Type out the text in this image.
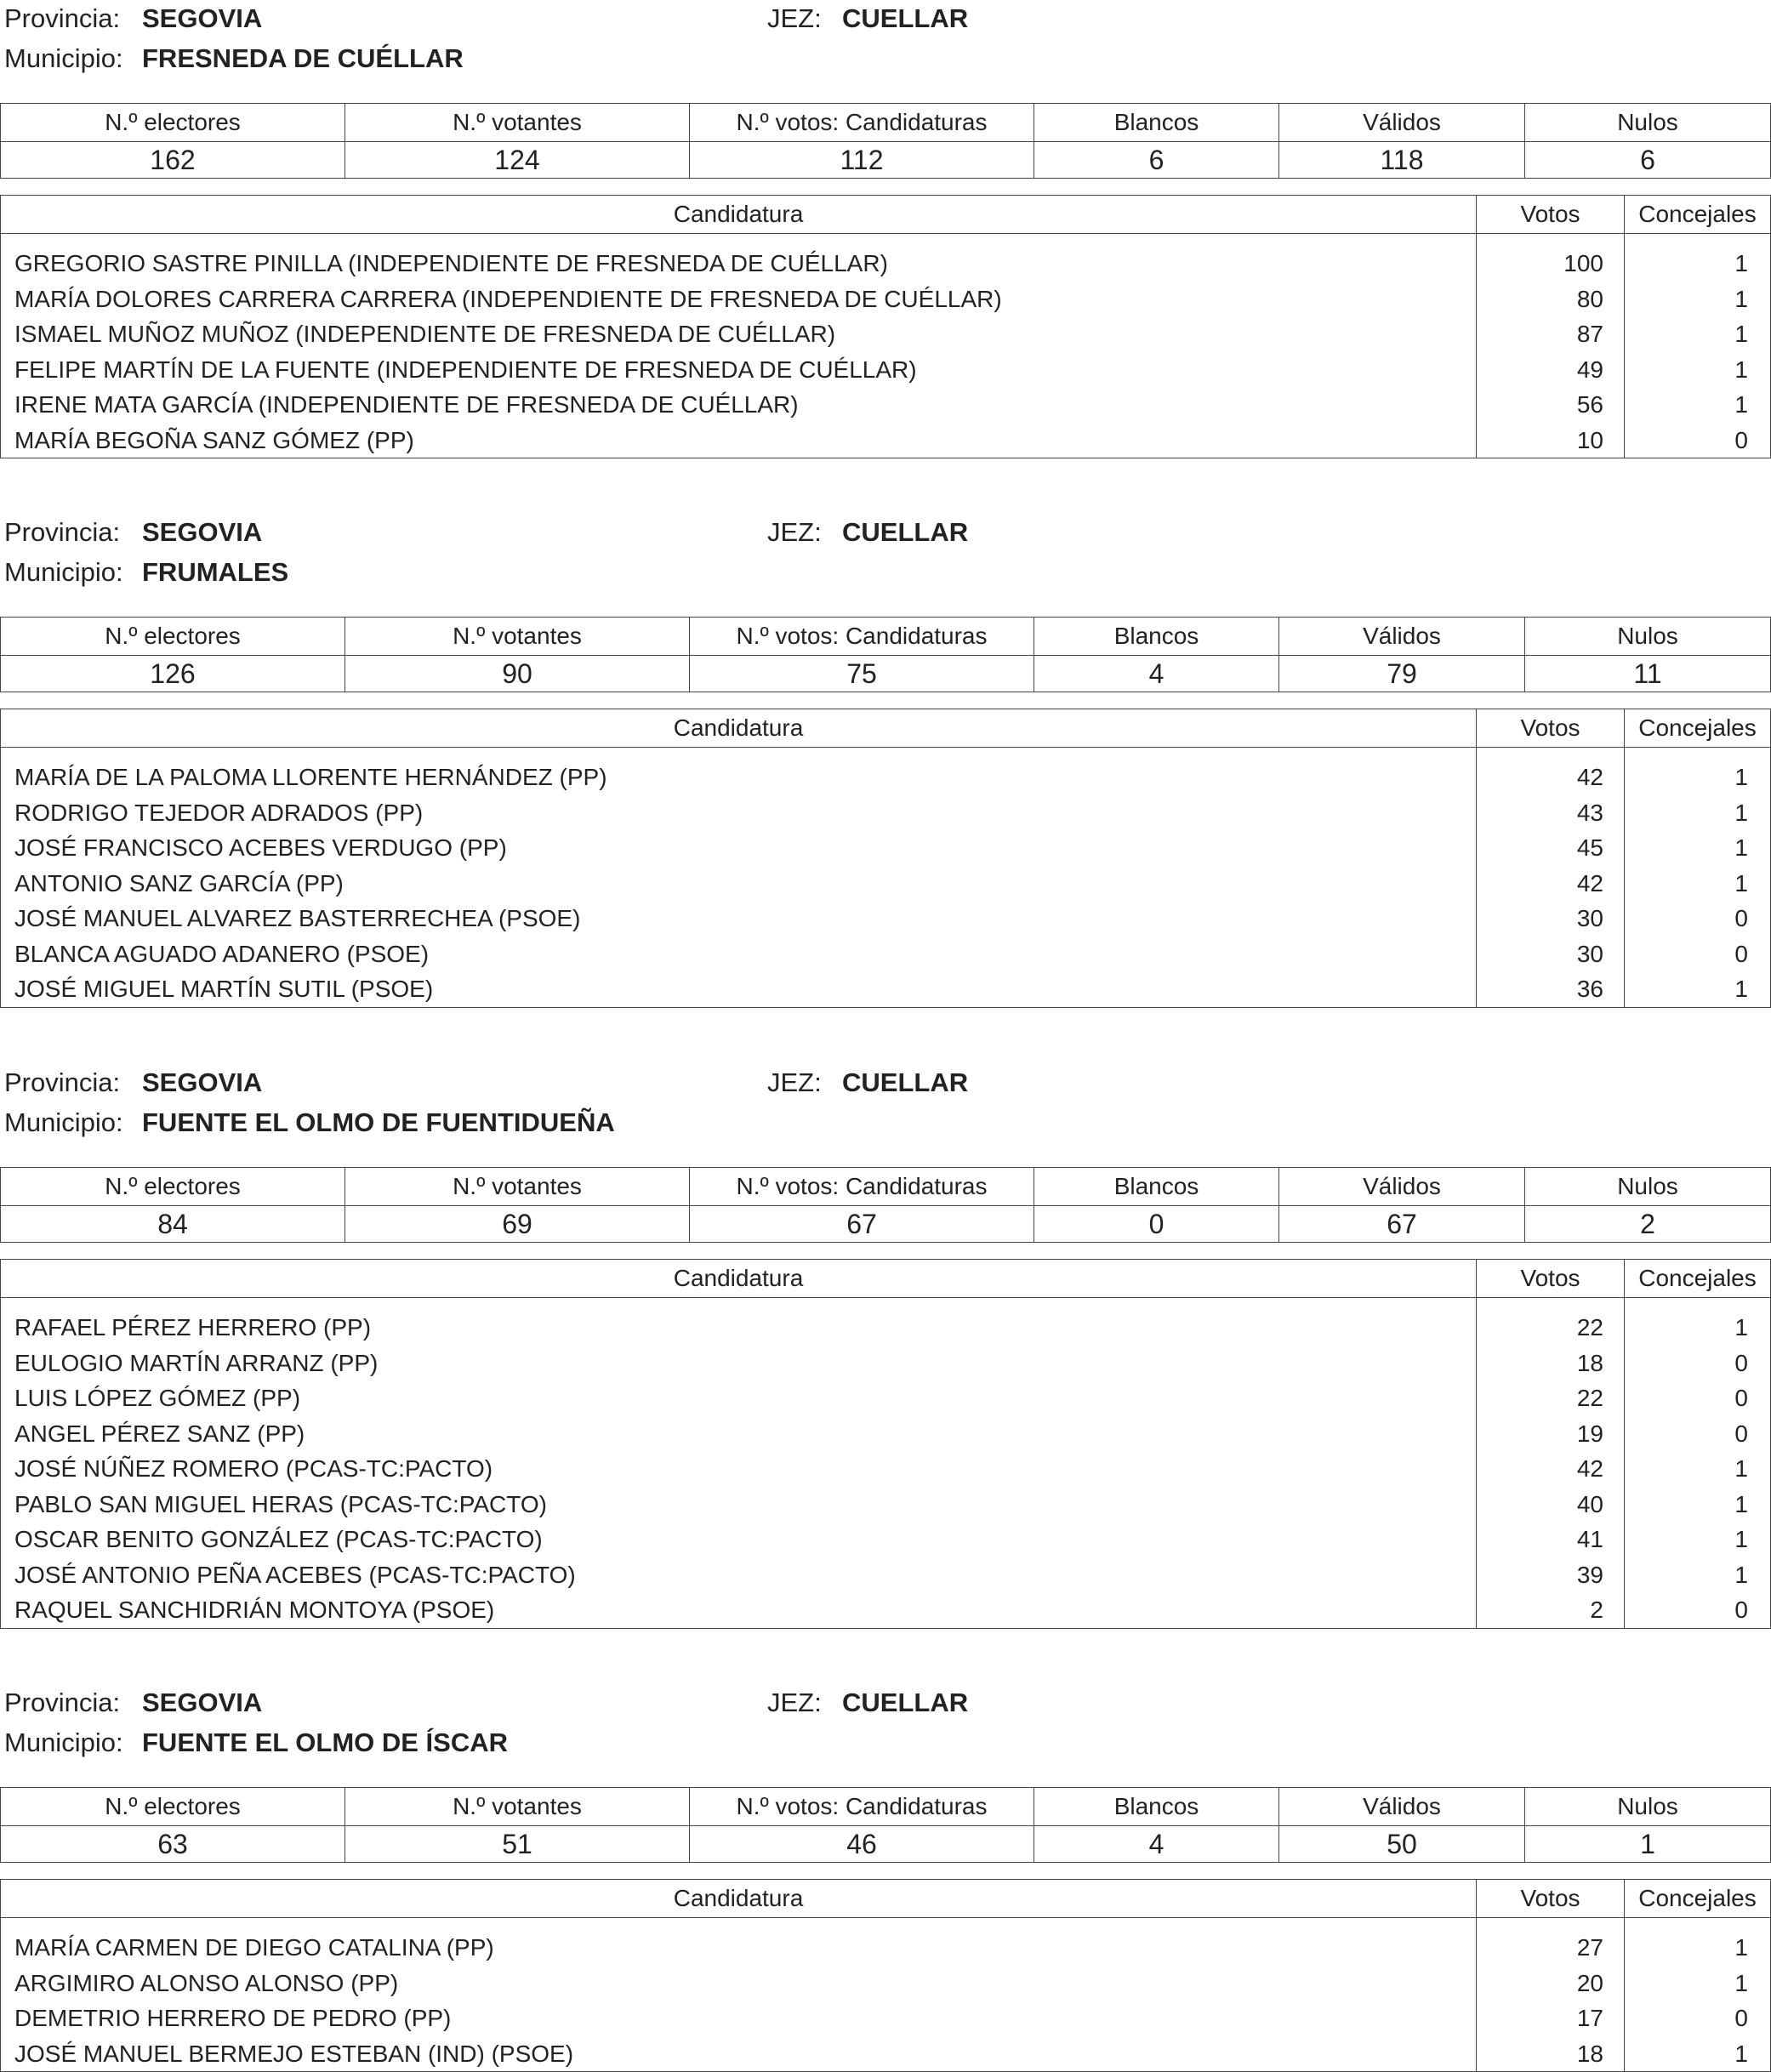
Provincia: SEGOVIA	JEZ: CUELLAR
Municipio: FRESNEDA DE CUÉLLAR
N.º electores	N.º votantes	N.º votos: Candidaturas	Blancos	Válidos	Nulos
162	124	112	6	118	6
Candidatura	Votos	Concejales
GREGORIO SASTRE PINILLA (INDEPENDIENTE DE FRESNEDA DE CUÉLLAR)	100	1
MARÍA DOLORES CARRERA CARRERA (INDEPENDIENTE DE FRESNEDA DE CUÉLLAR)	80	1
ISMAEL MUÑOZ MUÑOZ (INDEPENDIENTE DE FRESNEDA DE CUÉLLAR)	87	1
FELIPE MARTÍN DE LA FUENTE (INDEPENDIENTE DE FRESNEDA DE CUÉLLAR)	49	1
IRENE MATA GARCÍA (INDEPENDIENTE DE FRESNEDA DE CUÉLLAR)	56	1
MARÍA BEGOÑA SANZ GÓMEZ (PP)	10	0
Provincia: SEGOVIA	JEZ: CUELLAR
Municipio: FRUMALES
N.º electores	N.º votantes	N.º votos: Candidaturas	Blancos	Válidos	Nulos
126	90	75	4	79	11
Candidatura	Votos	Concejales
MARÍA DE LA PALOMA LLORENTE HERNÁNDEZ (PP)	42	1
RODRIGO TEJEDOR ADRADOS (PP)	43	1
JOSÉ FRANCISCO ACEBES VERDUGO (PP)	45	1
ANTONIO SANZ GARCÍA (PP)	42	1
JOSÉ MANUEL ALVAREZ BASTERRECHEA (PSOE)	30	0
BLANCA AGUADO ADANERO (PSOE)	30	0
JOSÉ MIGUEL MARTÍN SUTIL (PSOE)	36	1
Provincia: SEGOVIA	JEZ: CUELLAR
Municipio: FUENTE EL OLMO DE FUENTIDUEÑA
N.º electores	N.º votantes	N.º votos: Candidaturas	Blancos	Válidos	Nulos
84	69	67	0	67	2
Candidatura	Votos	Concejales
RAFAEL PÉREZ HERRERO (PP)	22	1
EULOGIO MARTÍN ARRANZ (PP)	18	0
LUIS LÓPEZ GÓMEZ (PP)	22	0
ANGEL PÉREZ SANZ (PP)	19	0
JOSÉ NÚÑEZ ROMERO (PCAS-TC:PACTO)	42	1
PABLO SAN MIGUEL HERAS (PCAS-TC:PACTO)	40	1
OSCAR BENITO GONZÁLEZ (PCAS-TC:PACTO)	41	1
JOSÉ ANTONIO PEÑA ACEBES (PCAS-TC:PACTO)	39	1
RAQUEL SANCHIDRIÁN MONTOYA (PSOE)	2	0
Provincia: SEGOVIA	JEZ: CUELLAR
Municipio: FUENTE EL OLMO DE ÍSCAR
N.º electores	N.º votantes	N.º votos: Candidaturas	Blancos	Válidos	Nulos
63	51	46	4	50	1
Candidatura	Votos	Concejales
MARÍA CARMEN DE DIEGO CATALINA (PP)	27	1
ARGIMIRO ALONSO ALONSO (PP)	20	1
DEMETRIO HERRERO DE PEDRO (PP)	17	0
JOSÉ MANUEL BERMEJO ESTEBAN (IND) (PSOE)	18	1
